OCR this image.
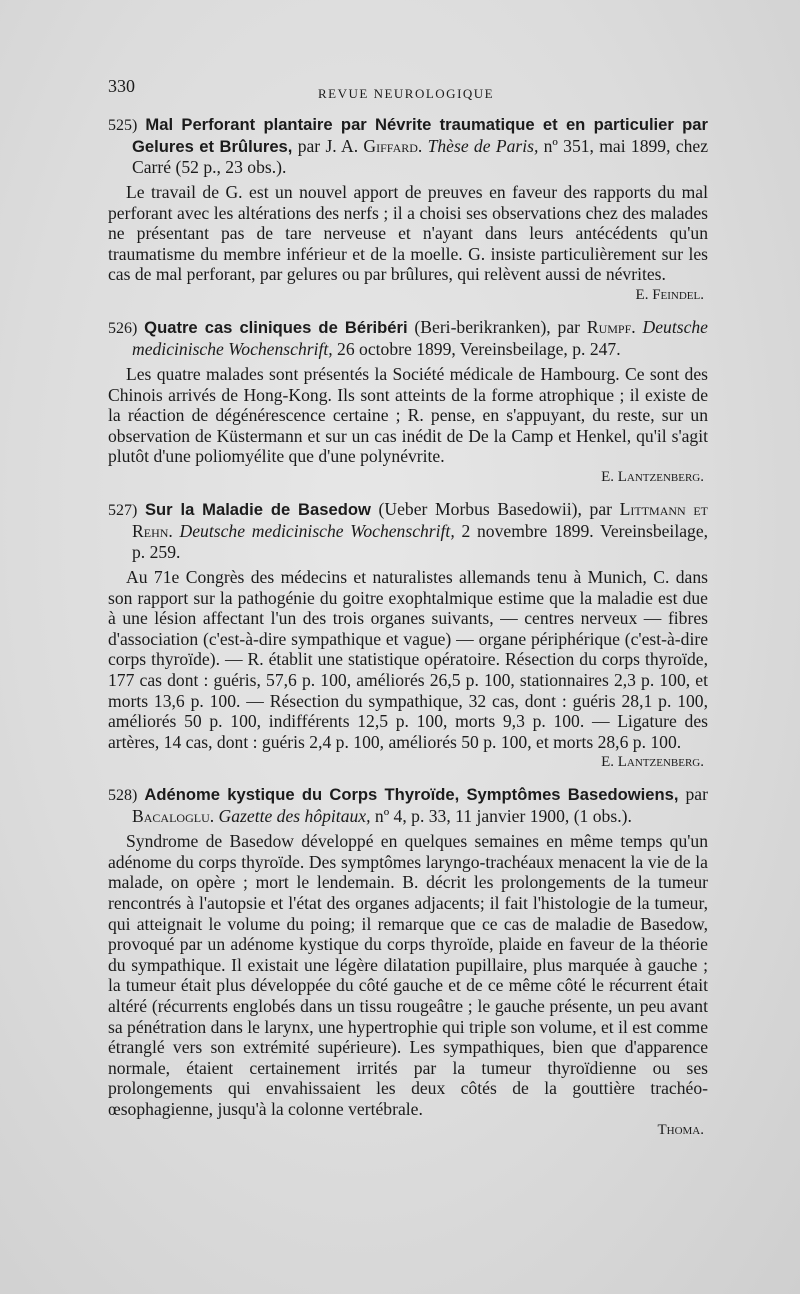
330	REVUE NEUROLOGIQUE

525) Mal Perforant plantaire par Névrite traumatique et en particulier par Gelures et Brûlures, par J. A. Giffard. Thèse de Paris, nº 351, mai 1899, chez Carré (52 p., 23 obs.).

Le travail de G. est un nouvel apport de preuves en faveur des rapports du mal perforant avec les altérations des nerfs ; il a choisi ses observations chez des malades ne présentant pas de tare nerveuse et n'ayant dans leurs antécédents qu'un traumatisme du membre inférieur et de la moelle. G. insiste particulièrement sur les cas de mal perforant, par gelures ou par brûlures, qui relèvent aussi de névrites.

E. Feindel.

526) Quatre cas cliniques de Béribéri (Beri-berikranken), par Rumpf. Deutsche medicinische Wochenschrift, 26 octobre 1899, Vereinsbeilage, p. 247.

Les quatre malades sont présentés la Société médicale de Hambourg. Ce sont des Chinois arrivés de Hong-Kong. Ils sont atteints de la forme atrophique ; il existe de la réaction de dégénérescence certaine ; R. pense, en s'appuyant, du reste, sur un observation de Küstermann et sur un cas inédit de De la Camp et Henkel, qu'il s'agit plutôt d'une poliomyélite que d'une polynévrite.

E. Lantzenberg.

527) Sur la Maladie de Basedow (Ueber Morbus Basedowii), par Littmann et Rehn. Deutsche medicinische Wochenschrift, 2 novembre 1899. Vereinsbeilage, p. 259.

Au 71e Congrès des médecins et naturalistes allemands tenu à Munich, C. dans son rapport sur la pathogénie du goitre exophtalmique estime que la maladie est due à une lésion affectant l'un des trois organes suivants, — centres nerveux — fibres d'association (c'est-à-dire sympathique et vague) — organe périphérique (c'est-à-dire corps thyroïde). — R. établit une statistique opératoire. Résection du corps thyroïde, 177 cas dont : guéris, 57,6 p. 100, améliorés 26,5 p. 100, stationnaires 2,3 p. 100, et morts 13,6 p. 100. — Résection du sympathique, 32 cas, dont : guéris 28,1 p. 100, améliorés 50 p. 100, indifférents 12,5 p. 100, morts 9,3 p. 100. — Ligature des artères, 14 cas, dont : guéris 2,4 p. 100, améliorés 50 p. 100, et morts 28,6 p. 100.

E. Lantzenberg.

528) Adénome kystique du Corps Thyroïde, Symptômes Basedowiens, par Bacaloglu. Gazette des hôpitaux, nº 4, p. 33, 11 janvier 1900, (1 obs.).

Syndrome de Basedow développé en quelques semaines en même temps qu'un adénome du corps thyroïde. Des symptômes laryngo-trachéaux menacent la vie de la malade, on opère ; mort le lendemain. B. décrit les prolongements de la tumeur rencontrés à l'autopsie et l'état des organes adjacents; il fait l'histologie de la tumeur, qui atteignait le volume du poing; il remarque que ce cas de maladie de Basedow, provoqué par un adénome kystique du corps thyroïde, plaide en faveur de la théorie du sympathique. Il existait une légère dilatation pupillaire, plus marquée à gauche ; la tumeur était plus développée du côté gauche et de ce même côté le récurrent était altéré (récurrents englobés dans un tissu rougeâtre ; le gauche présente, un peu avant sa pénétration dans le larynx, une hypertrophie qui triple son volume, et il est comme étranglé vers son extrémité supérieure). Les sympathiques, bien que d'apparence normale, étaient certainement irrités par la tumeur thyroïdienne ou ses prolongements qui envahissaient les deux côtés de la gouttière trachéo-œsophagienne, jusqu'à la colonne vertébrale.

Thoma.
